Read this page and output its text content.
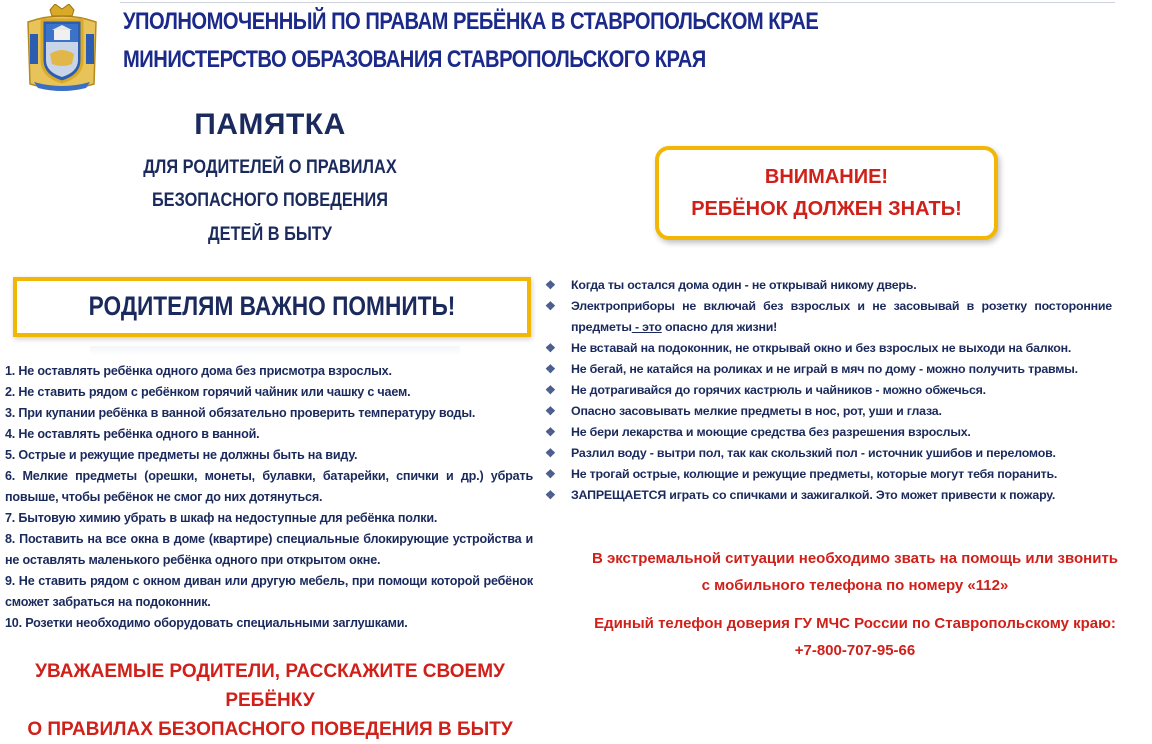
УПОЛНОМОЧЕННЫЙ ПО ПРАВАМ РЕБЁНКА В СТАВРОПОЛЬСКОМ КРАЕ
МИНИСТЕРСТВО ОБРАЗОВАНИЯ СТАВРОПОЛЬСКОГО КРАЯ
ПАМЯТКА
ДЛЯ РОДИТЕЛЕЙ О ПРАВИЛАХ
БЕЗОПАСНОГО ПОВЕДЕНИЯ
ДЕТЕЙ В БЫТУ
ВНИМАНИЕ!
РЕБЁНОК ДОЛЖЕН ЗНАТЬ!
РОДИТЕЛЯМ ВАЖНО ПОМНИТЬ!
1. Не оставлять ребёнка одного дома без присмотра взрослых.
2. Не ставить рядом с ребёнком горячий чайник или чашку с чаем.
3. При купании ребёнка в ванной обязательно проверить температуру воды.
4. Не оставлять ребёнка одного в ванной.
5. Острые и режущие предметы не должны быть на виду.
6. Мелкие предметы (орешки, монеты, булавки, батарейки, спички и др.) убрать повыше, чтобы ребёнок не смог до них дотянуться.
7. Бытовую химию убрать в шкаф на недоступные для ребёнка полки.
8. Поставить на все окна в доме (квартире) специальные блокирующие устройства и не оставлять маленького ребёнка одного при открытом окне.
9. Не ставить рядом с окном диван или другую мебель, при помощи которой ребёнок сможет забраться на подоконник.
10. Розетки необходимо оборудовать специальными заглушками.
❖	Когда ты остался дома один - не открывай никому дверь.
❖	Электроприборы не включай без взрослых и не засовывай в розетку посторонние предметы - это опасно для жизни!
❖	Не вставай на подоконник, не открывай окно и без взрослых не выходи на балкон.
❖	Не бегай, не катайся на роликах и не играй в мяч по дому - можно получить травмы.
❖	Не дотрагивайся до горячих кастрюль и чайников - можно обжечься.
❖	Опасно засовывать мелкие предметы в нос, рот, уши и глаза.
❖	Не бери лекарства и моющие средства без разрешения взрослых.
❖	Разлил воду - вытри пол, так как скользкий пол - источник ушибов и переломов.
❖	Не трогай острые, колющие и режущие предметы, которые могут тебя поранить.
❖	ЗАПРЕЩАЕТСЯ играть со спичками и зажигалкой. Это может привести к пожару.
В экстремальной ситуации необходимо звать на помощь или звонить
с мобильного телефона по номеру «112»
Единый телефон доверия ГУ МЧС России по Ставропольскому краю:
+7-800-707-95-66
УВАЖАЕМЫЕ РОДИТЕЛИ, РАССКАЖИТЕ СВОЕМУ РЕБЁНКУ
О ПРАВИЛАХ БЕЗОПАСНОГО ПОВЕДЕНИЯ В БЫТУ
